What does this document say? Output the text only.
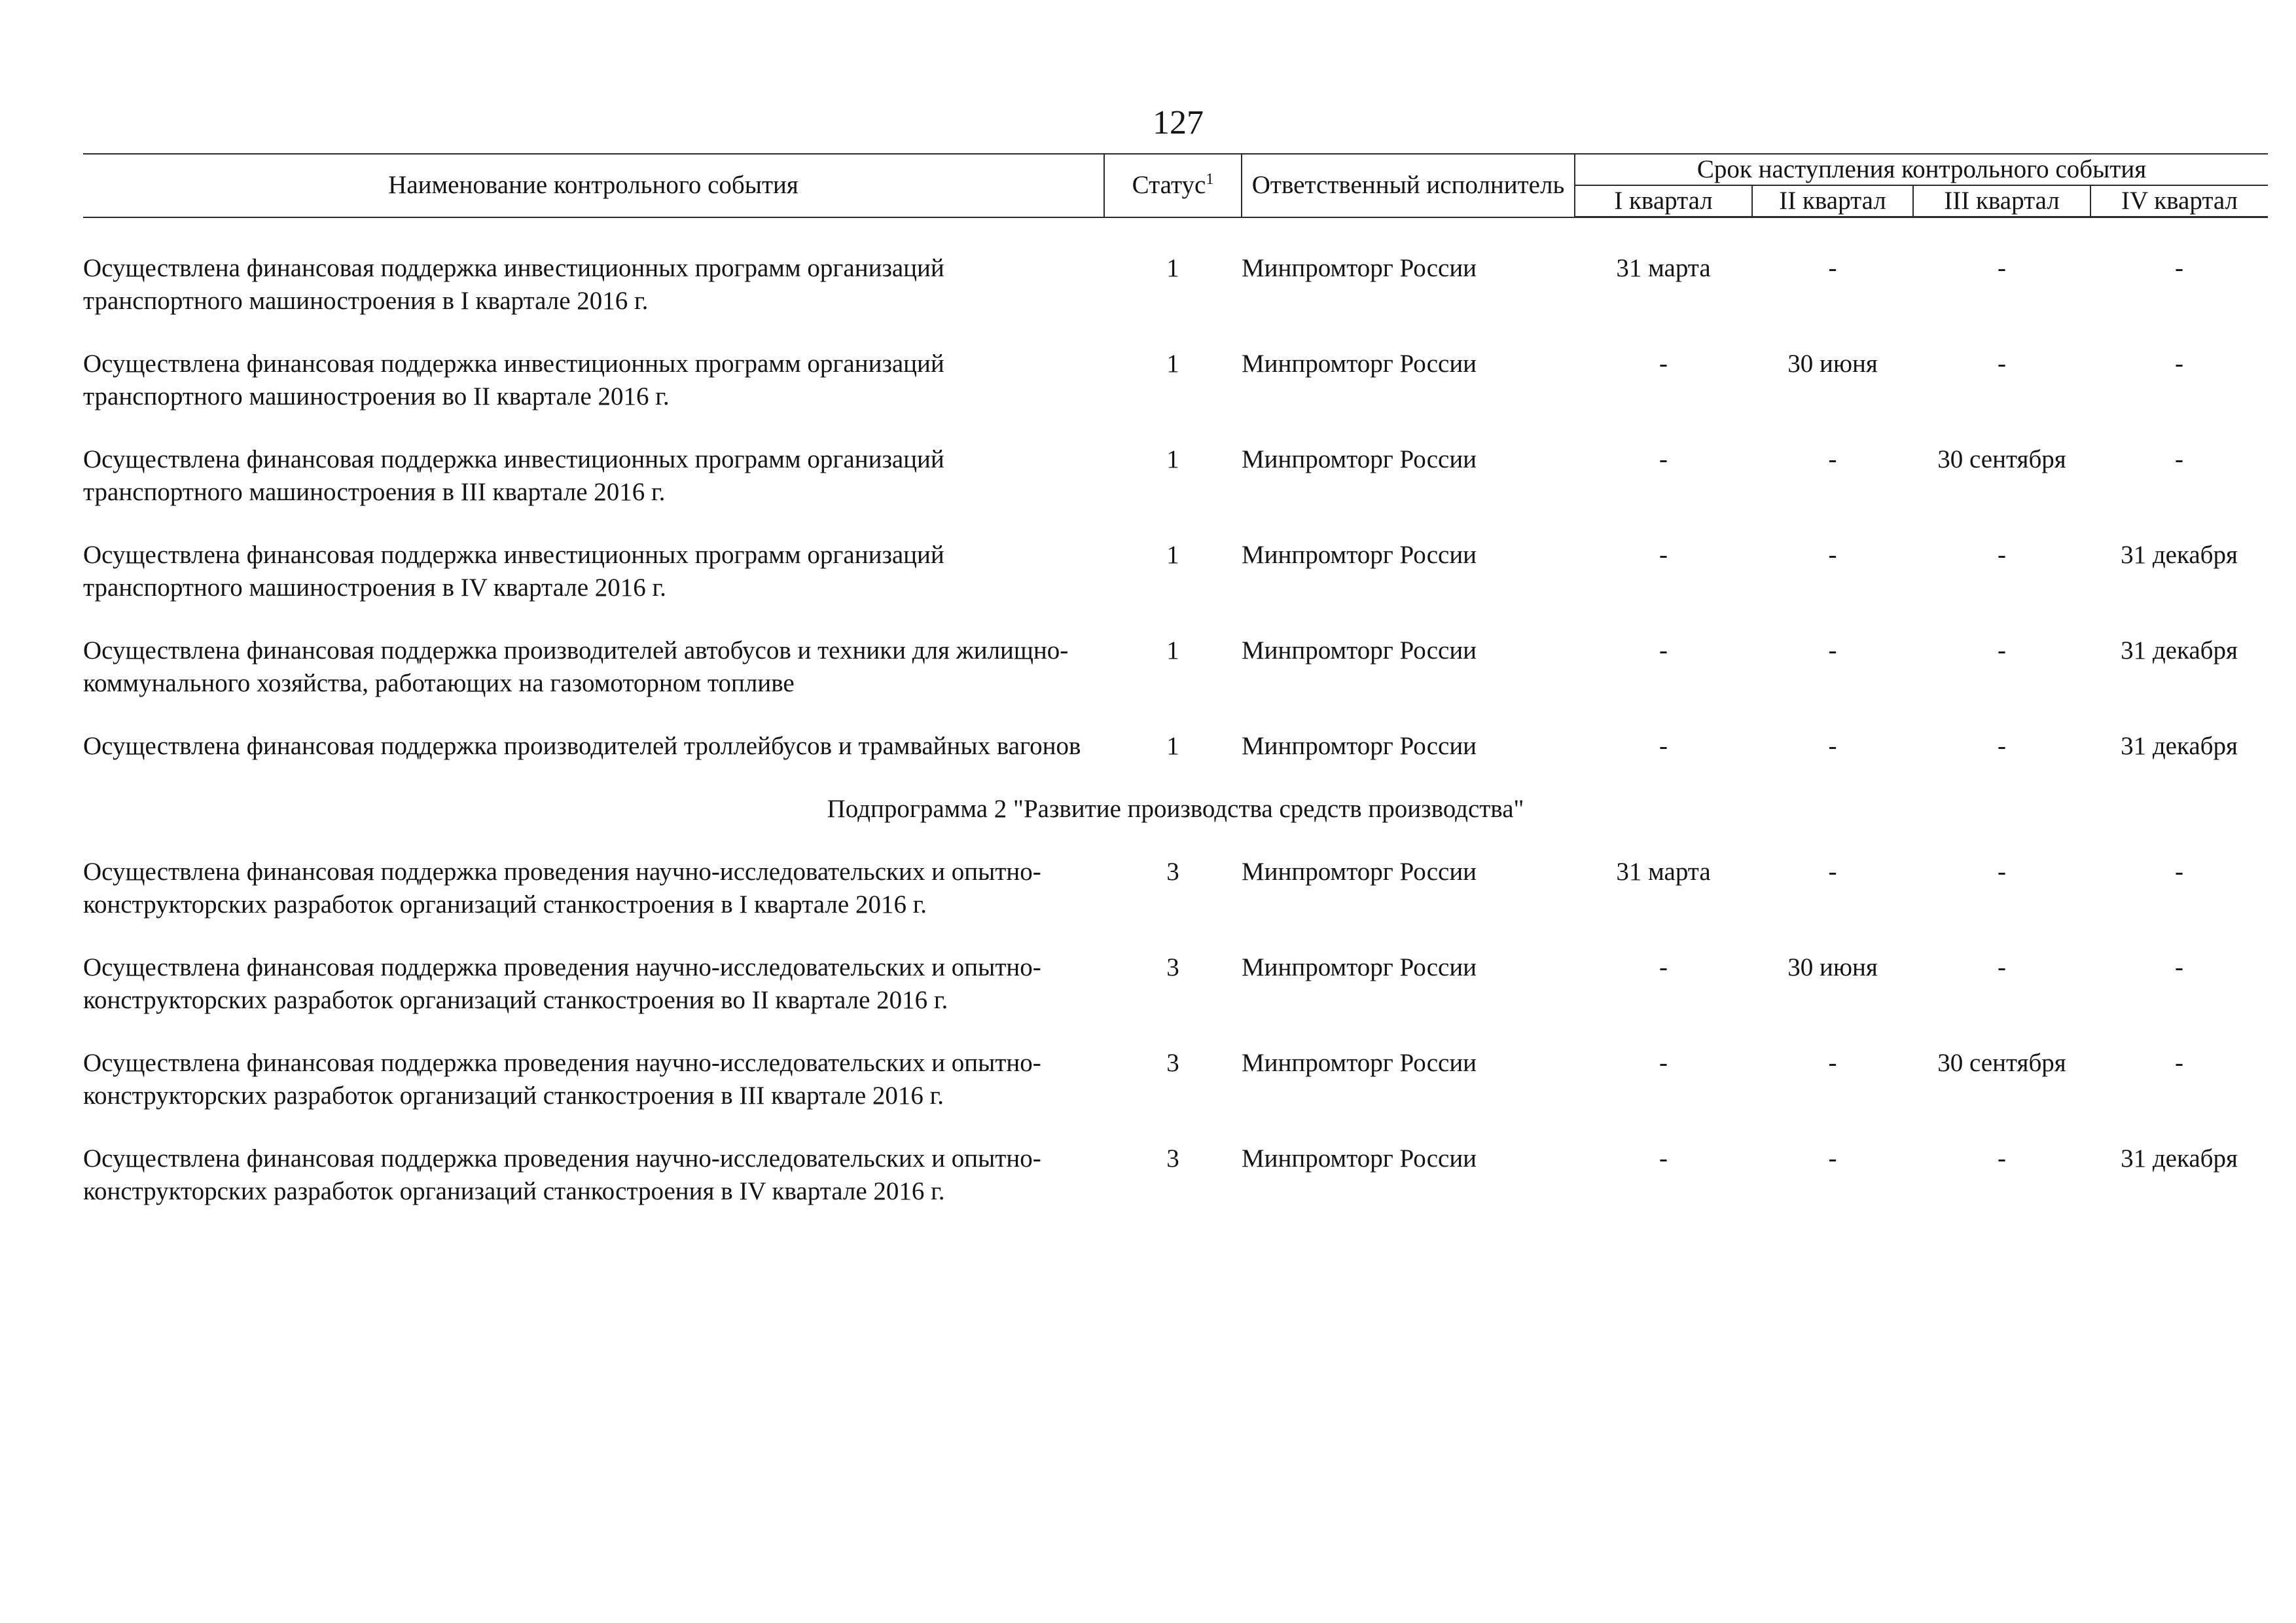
127
Наименование контрольного события	Статус$^1$	Ответственный исполнитель	Срок наступления контрольного события			
			I квартал	II квартал	III квартал	IV квартал

Осуществлена финансовая поддержка инвестиционных программ организаций транспортного машиностроения в I квартале 2016 г.	1	Минпромторг России	31 марта	-	-	-
Осуществлена финансовая поддержка инвестиционных программ организаций транспортного машиностроения во II квартале 2016 г.	1	Минпромторг России	-	30 июня	-	-
Осуществлена финансовая поддержка инвестиционных программ организаций транспортного машиностроения в III квартале 2016 г.	1	Минпромторг России	-	-	30 сентября	-
Осуществлена финансовая поддержка инвестиционных программ организаций транспортного машиностроения в IV квартале 2016 г.	1	Минпромторг России	-	-	-	31 декабря
Осуществлена финансовая поддержка производителей автобусов и техники для жилищно-коммунального хозяйства, работающих на газомоторном топливе	1	Минпромторг России	-	-	-	31 декабря
Осуществлена финансовая поддержка производителей троллейбусов и трамвайных вагонов	1	Минпромторг России	-	-	-	31 декабря
Подпрограмма 2 "Развитие производства средств производства"						
Осуществлена финансовая поддержка проведения научно-исследовательских и опытно-конструкторских разработок организаций станкостроения в I квартале 2016 г.	3	Минпромторг России	31 марта	-	-	-
Осуществлена финансовая поддержка проведения научно-исследовательских и опытно-конструкторских разработок организаций станкостроения во II квартале 2016 г.	3	Минпромторг России	-	30 июня	-	-
Осуществлена финансовая поддержка проведения научно-исследовательских и опытно-конструкторских разработок организаций станкостроения в III квартале 2016 г.	3	Минпромторг России	-	-	30 сентября	-
Осуществлена финансовая поддержка проведения научно-исследовательских и опытно-конструкторских разработок организаций станкостроения в IV квартале 2016 г.	3	Минпромторг России	-	-	-	31 декабря
